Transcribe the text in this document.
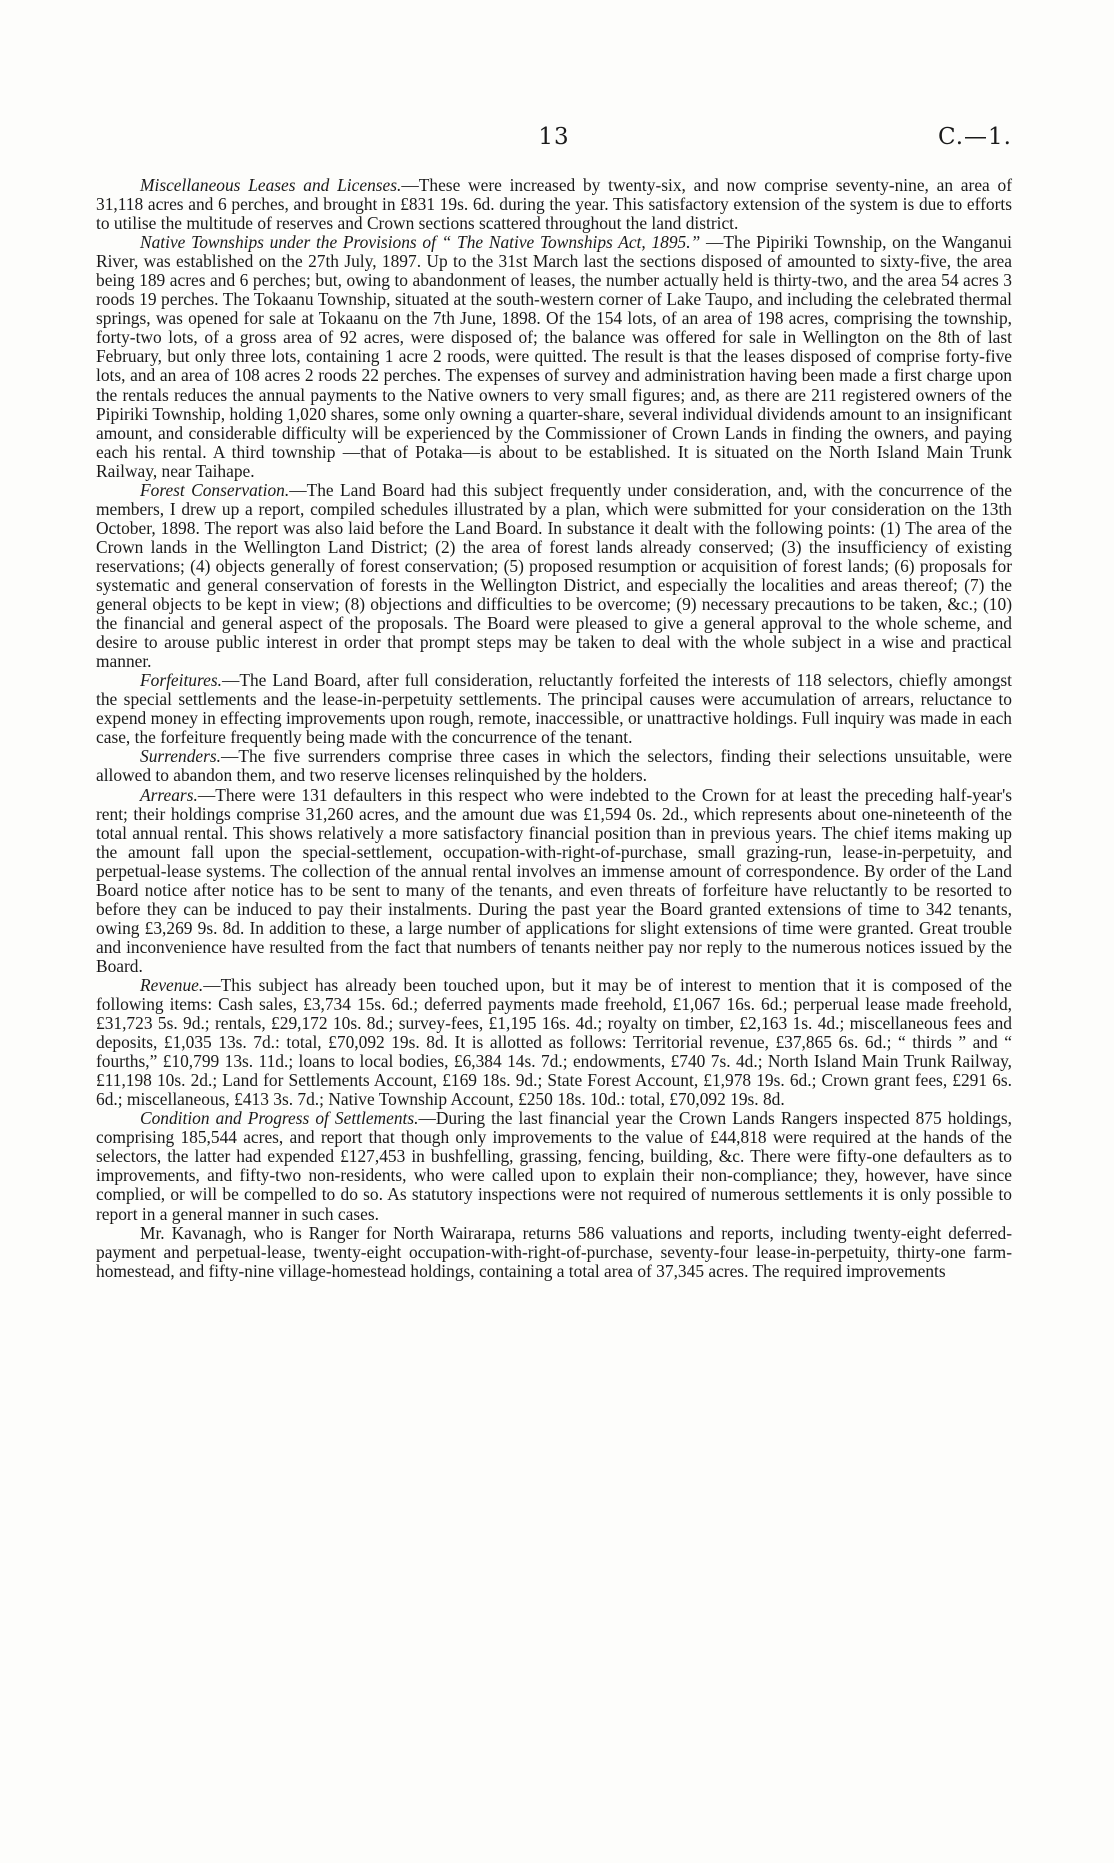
13	C.—1.

Miscellaneous Leases and Licenses.—These were increased by twenty-six, and now comprise seventy-nine, an area of 31,118 acres and 6 perches, and brought in £831 19s. 6d. during the year. This satisfactory extension of the system is due to efforts to utilise the multitude of reserves and Crown sections scattered throughout the land district.

Native Townships under the Provisions of “ The Native Townships Act, 1895.” —The Pipiriki Township, on the Wanganui River, was established on the 27th July, 1897. Up to the 31st March last the sections disposed of amounted to sixty-five, the area being 189 acres and 6 perches; but, owing to abandonment of leases, the number actually held is thirty-two, and the area 54 acres 3 roods 19 perches. The Tokaanu Township, situated at the south-western corner of Lake Taupo, and including the celebrated thermal springs, was opened for sale at Tokaanu on the 7th June, 1898. Of the 154 lots, of an area of 198 acres, comprising the township, forty-two lots, of a gross area of 92 acres, were disposed of; the balance was offered for sale in Wellington on the 8th of last February, but only three lots, containing 1 acre 2 roods, were quitted. The result is that the leases disposed of comprise forty-five lots, and an area of 108 acres 2 roods 22 perches. The expenses of survey and administration having been made a first charge upon the rentals reduces the annual payments to the Native owners to very small figures; and, as there are 211 registered owners of the Pipiriki Township, holding 1,020 shares, some only owning a quarter-share, several individual dividends amount to an insignificant amount, and considerable difficulty will be experienced by the Commissioner of Crown Lands in finding the owners, and paying each his rental. A third township —that of Potaka—is about to be established. It is situated on the North Island Main Trunk Railway, near Taihape.

Forest Conservation.—The Land Board had this subject frequently under consideration, and, with the concurrence of the members, I drew up a report, compiled schedules illustrated by a plan, which were submitted for your consideration on the 13th October, 1898. The report was also laid before the Land Board. In substance it dealt with the following points: (1) The area of the Crown lands in the Wellington Land District; (2) the area of forest lands already conserved; (3) the insufficiency of existing reservations; (4) objects generally of forest conservation; (5) proposed resumption or acquisition of forest lands; (6) proposals for systematic and general conservation of forests in the Wellington District, and especially the localities and areas thereof; (7) the general objects to be kept in view; (8) objections and difficulties to be overcome; (9) necessary precautions to be taken, &c.; (10) the financial and general aspect of the proposals. The Board were pleased to give a general approval to the whole scheme, and desire to arouse public interest in order that prompt steps may be taken to deal with the whole subject in a wise and practical manner.

Forfeitures.—The Land Board, after full consideration, reluctantly forfeited the interests of 118 selectors, chiefly amongst the special settlements and the lease-in-perpetuity settlements. The principal causes were accumulation of arrears, reluctance to expend money in effecting improvements upon rough, remote, inaccessible, or unattractive holdings. Full inquiry was made in each case, the forfeiture frequently being made with the concurrence of the tenant.

Surrenders.—The five surrenders comprise three cases in which the selectors, finding their selections unsuitable, were allowed to abandon them, and two reserve licenses relinquished by the holders.

Arrears.—There were 131 defaulters in this respect who were indebted to the Crown for at least the preceding half-year's rent; their holdings comprise 31,260 acres, and the amount due was £1,594 0s. 2d., which represents about one-nineteenth of the total annual rental. This shows relatively a more satisfactory financial position than in previous years. The chief items making up the amount fall upon the special-settlement, occupation-with-right-of-purchase, small grazing-run, lease-in-perpetuity, and perpetual-lease systems. The collection of the annual rental involves an immense amount of correspondence. By order of the Land Board notice after notice has to be sent to many of the tenants, and even threats of forfeiture have reluctantly to be resorted to before they can be induced to pay their instalments. During the past year the Board granted extensions of time to 342 tenants, owing £3,269 9s. 8d. In addition to these, a large number of applications for slight extensions of time were granted. Great trouble and inconvenience have resulted from the fact that numbers of tenants neither pay nor reply to the numerous notices issued by the Board.

Revenue.—This subject has already been touched upon, but it may be of interest to mention that it is composed of the following items: Cash sales, £3,734 15s. 6d.; deferred payments made freehold, £1,067 16s. 6d.; perperual lease made freehold, £31,723 5s. 9d.; rentals, £29,172 10s. 8d.; survey-fees, £1,195 16s. 4d.; royalty on timber, £2,163 1s. 4d.; miscellaneous fees and deposits, £1,035 13s. 7d.: total, £70,092 19s. 8d. It is allotted as follows: Territorial revenue, £37,865 6s. 6d.; “ thirds ” and “ fourths,” £10,799 13s. 11d.; loans to local bodies, £6,384 14s. 7d.; endowments, £740 7s. 4d.; North Island Main Trunk Railway, £11,198 10s. 2d.; Land for Settlements Account, £169 18s. 9d.; State Forest Account, £1,978 19s. 6d.; Crown grant fees, £291 6s. 6d.; miscellaneous, £413 3s. 7d.; Native Township Account, £250 18s. 10d.: total, £70,092 19s. 8d.

Condition and Progress of Settlements.—During the last financial year the Crown Lands Rangers inspected 875 holdings, comprising 185,544 acres, and report that though only improvements to the value of £44,818 were required at the hands of the selectors, the latter had expended £127,453 in bushfelling, grassing, fencing, building, &c. There were fifty-one defaulters as to improvements, and fifty-two non-residents, who were called upon to explain their non-compliance; they, however, have since complied, or will be compelled to do so. As statutory inspections were not required of numerous settlements it is only possible to report in a general manner in such cases.

Mr. Kavanagh, who is Ranger for North Wairarapa, returns 586 valuations and reports, including twenty-eight deferred-payment and perpetual-lease, twenty-eight occupation-with-right-of-purchase, seventy-four lease-in-perpetuity, thirty-one farm-homestead, and fifty-nine village-homestead holdings, containing a total area of 37,345 acres. The required improvements
